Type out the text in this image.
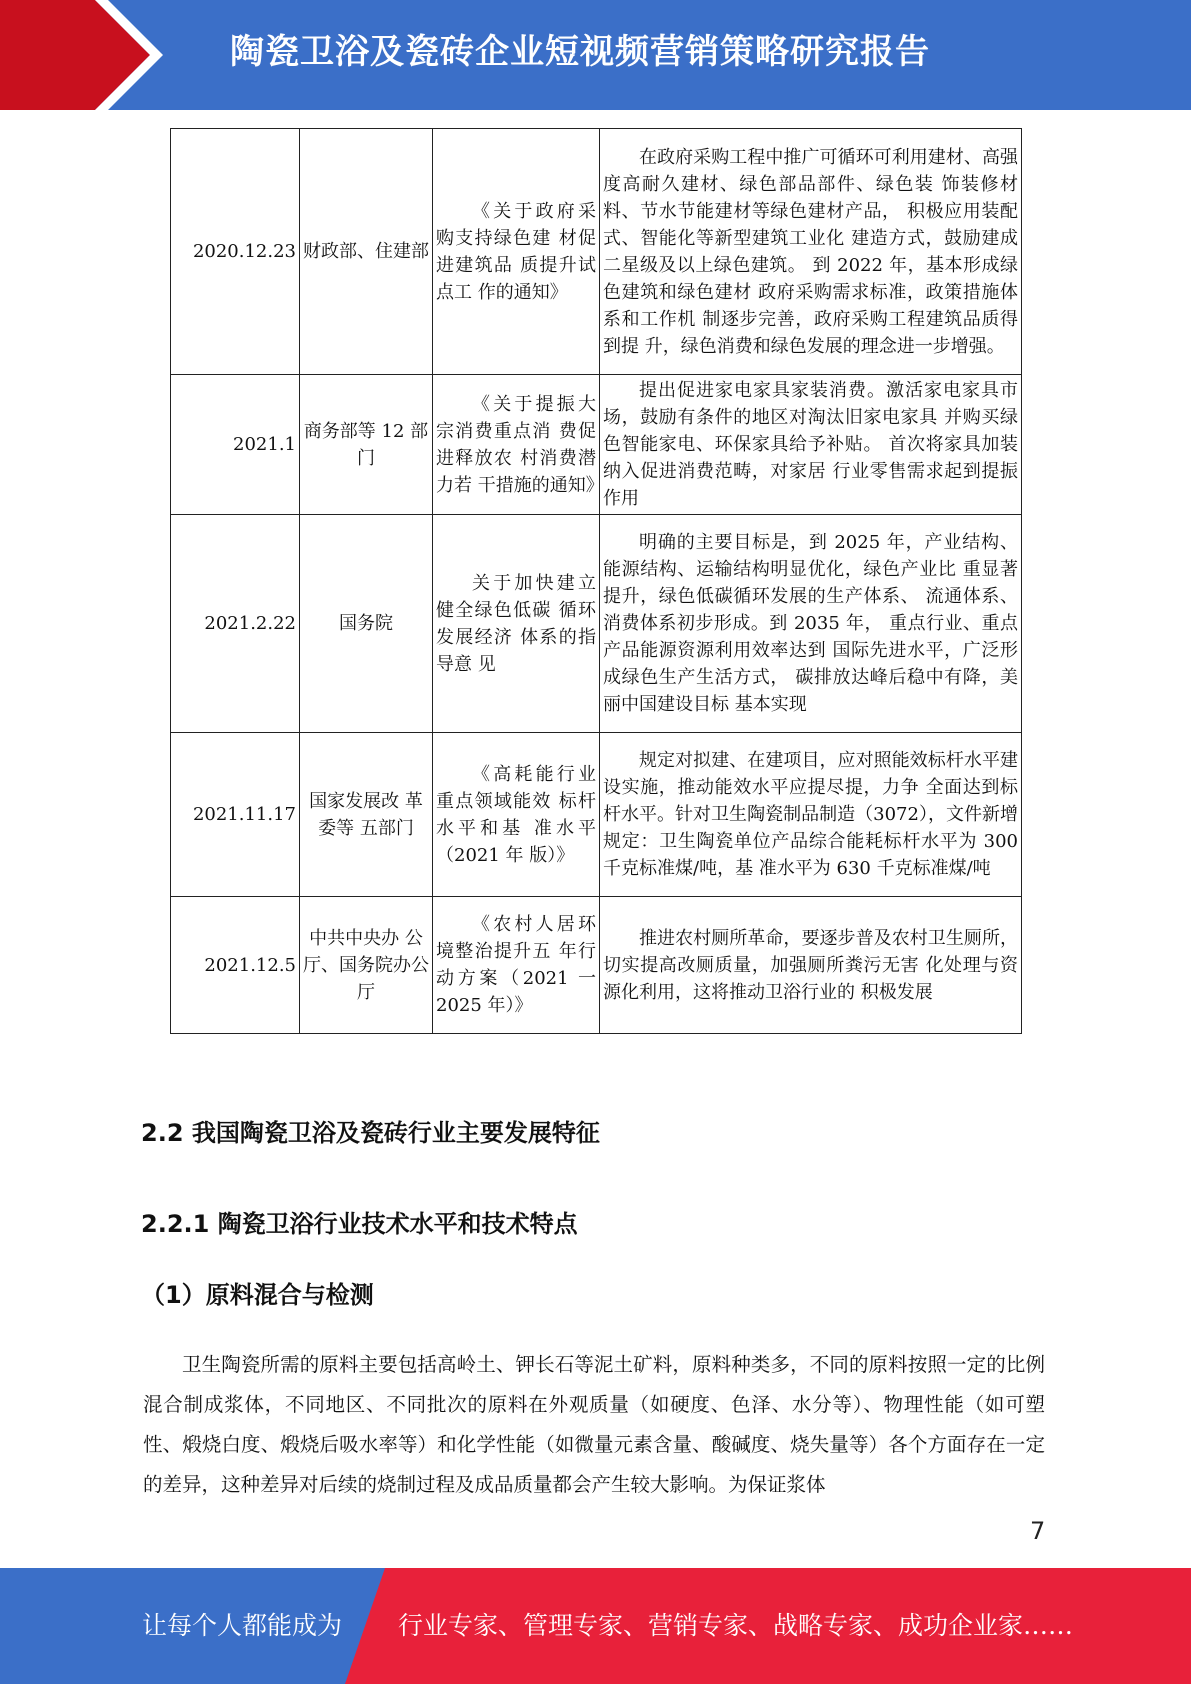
陶瓷卫浴及瓷砖企业短视频营销策略研究报告
2020.12.23	财政部、住建部	《关于政府采购支持绿色建 材促进建筑品 质提升试点工 作的通知》	在政府采购工程中推广可循环可利用建材、高强度高耐久建材、绿色部品部件、绿色装 饰装修材料、节水节能建材等绿色建材产品， 积极应用装配式、智能化等新型建筑工业化 建造方式，鼓励建成二星级及以上绿色建筑。 到 2022 年，基本形成绿色建筑和绿色建材 政府采购需求标准，政策措施体系和工作机 制逐步完善，政府采购工程建筑品质得到提 升，绿色消费和绿色发展的理念进一步增强。
2021.1	商务部等 12 部门	《关于提振大宗消费重点消 费促进释放农 村消费潜力若 干措施的通知》	提出促进家电家具家装消费。激活家电家具市场，鼓励有条件的地区对淘汰旧家电家具 并购买绿色智能家电、环保家具给予补贴。 首次将家具加装纳入促进消费范畴，对家居 行业零售需求起到提振作用
2021.2.22	国务院	关于加快建立健全绿色低碳 循环发展经济 体系的指导意 见	明确的主要目标是，到 2025 年，产业结构、能源结构、运输结构明显优化，绿色产业比 重显著提升，绿色低碳循环发展的生产体系、 流通体系、消费体系初步形成。到 2035 年， 重点行业、重点产品能源资源利用效率达到 国际先进水平，广泛形成绿色生产生活方式， 碳排放达峰后稳中有降，美丽中国建设目标 基本实现
2021.11.17	国家发展改 革委等 五部门	《高耗能行业重点领域能效 标杆水平和基 准水平（2021 年 版）》	规定对拟建、在建项目，应对照能效标杆水平建设实施，推动能效水平应提尽提，力争 全面达到标杆水平。针对卫生陶瓷制品制造（3072），文件新增规定：卫生陶瓷单位产品综合能耗标杆水平为 300 千克标准煤/吨，基 准水平为 630 千克标准煤/吨
2021.12.5	中共中央办 公厅、国务院办公厅	《农村人居环境整治提升五 年行动方案（2021 一 2025 年）》	推进农村厕所革命，要逐步普及农村卫生厕所，切实提高改厕质量，加强厕所粪污无害 化处理与资源化利用，这将推动卫浴行业的 积极发展
2.2 我国陶瓷卫浴及瓷砖行业主要发展特征
2.2.1 陶瓷卫浴行业技术水平和技术特点
（1）原料混合与检测
卫生陶瓷所需的原料主要包括高岭土、钾长石等泥土矿料，原料种类多，不同的原料按照一定的比例混合制成浆体，不同地区、不同批次的原料在外观质量（如硬度、色泽、水分等）、物理性能（如可塑性、煅烧白度、煅烧后吸水率等）和化学性能（如微量元素含量、酸碱度、烧失量等）各个方面存在一定的差异，这种差异对后续的烧制过程及成品质量都会产生较大影响。为保证浆体
7
让每个人都能成为 行业专家、管理专家、营销专家、战略专家、成功企业家……
